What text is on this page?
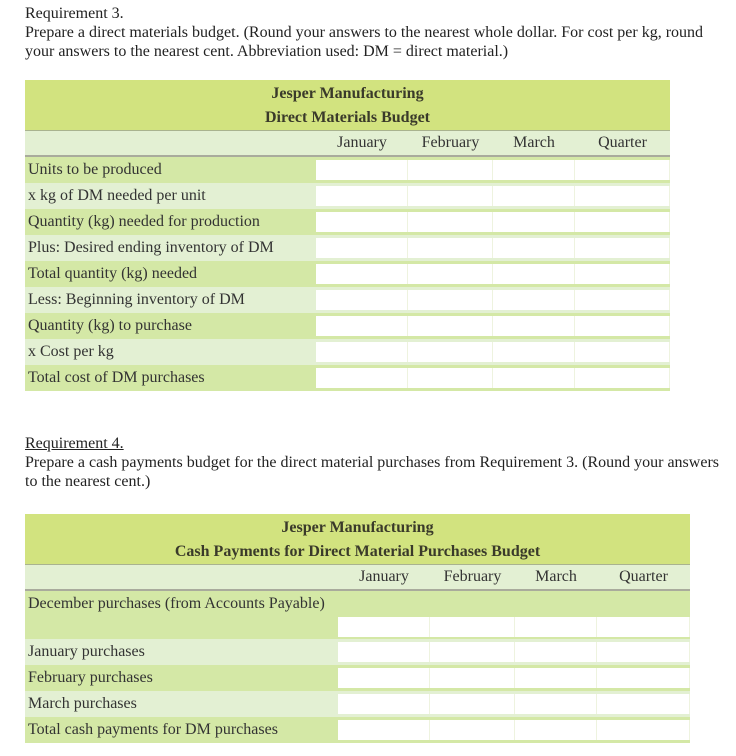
Requirement 3.
Prepare a direct materials budget. (Round your answers to the nearest whole dollar. For cost per kg, round your answers to the nearest cent. Abbreviation used: DM = direct material.)
Jesper Manufacturing
Direct Materials Budget
January	February	March	Quarter
Units to be produced
x kg of DM needed per unit
Quantity (kg) needed for production
Plus: Desired ending inventory of DM
Total quantity (kg) needed
Less: Beginning inventory of DM
Quantity (kg) to purchase
x Cost per kg
Total cost of DM purchases
Requirement 4.
Prepare a cash payments budget for the direct material purchases from Requirement 3. (Round your answers to the nearest cent.)
Jesper Manufacturing
Cash Payments for Direct Material Purchases Budget
January	February	March	Quarter
December purchases (from Accounts Payable)
January purchases
February purchases
March purchases
Total cash payments for DM purchases
